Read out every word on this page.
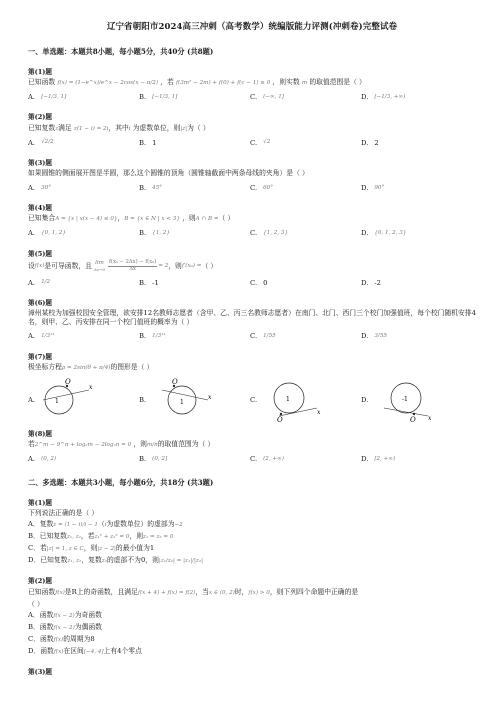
辽宁省朝阳市2024高三冲刺（高考数学）统编版能力评测(冲刺卷)完整试卷
一、单选题：本题共8小题，每小题5分，共40分 (共8题)
第(1)题
已知函数 f(x) = (1−e^x)/e^x − 2cos(x − π/2) ，若 f(3m² − 2m) + f(0) + f(c − 1) ≥ 0 ，则实数 m 的取值范围是（ ）
A. [−1/3, 1]	B. [−1/3, 1]	C. (−∞, 1]	D. [−1/3, +∞)
第(2)题
已知复数z满足 z(1 − i) = 2i，其中i 为虚数单位，则|z|为（ ）
A. √2/2	B. 1	C. √2	D. 2
第(3)题
如果圆锥的侧面展开图是半圆，那么这个圆锥的顶角（圆锥轴截面中两条母线的夹角）是（ ）
A. 30°	B. 45°	C. 60°	D. 90°
第(4)题
已知集合A = {x | x(x − 4) ≤ 0}，B = {x ∈ N | x < 3} ，则A ∩ B =（ ）
A. {0, 1, 2}	B. {1, 2}	C. {1, 2, 3}	D. {0, 1, 2, 3}
第(5)题
设 f(x) 是可导函数，且 lim
$\Delta x\to 0 \frac{\text{f(x₀ − 2Δx) − f(x₀)}}{\Delta x} = 2$ ，则 f′(x₀) = （ ）
A. 1/2	B. -1	C. 0	D. -2
第(6)题
漳州某校为加强校园安全管理，欲安排12名教师志愿者（含甲、乙、丙三名教师志愿者）在南门、北门、西门三个校门加强值班，每个校门随机安排4名，则甲、乙、丙安排在同一个校门值班的概率为（ ）
A. 1/3¹¹	B. 1/3¹¹	C. 1/55	D. 3/55
第(7)题
极坐标方程ρ = 2sin(θ + π/4)的图形是（ ）
A.
O
x
1	B.
O
x
1	C.
O
x
1	D.
O x
-1
第(8)题
若2^m − 9^n + log₂m − 2log₃n = 0 ，则m/n的取值范围为（ ）
A. (0, 2)	B. (0, 2]	C. (2, +∞)	D. [2, +∞)
二、多选题：本题共3小题，每小题6分，共18分 (共3题)
第(1)题
下列说法正确的是（ ）
A．复数z = (1 − i)/i − 1（i为虚数单位）的虚部为−2
B．已知复数z₁, z₂，若z₁² + z₂² = 0，则z₁ = z₂ = 0
C．若|z| = 1, z ∈ C，则|z − 2|的最小值为1
D．已知复数z₁, z₂，复数z₂的虚部不为0，则|z₁/z₂| = |z₁|/|z₂|
第(2)题
已知函数f(x)是R上的奇函数，且满足f(x + 4) + f(x) = f(2)，当x ∈ (0, 2)时，f(x) > 0，则下列四个命题中正确的是
（ ）
A．函数f(x − 2)为奇函数
B．函数f(x − 2)为偶函数
C．函数f(x)的周期为8
D．函数f(x)在区间[−4, 4]上有4个零点
第(3)题
